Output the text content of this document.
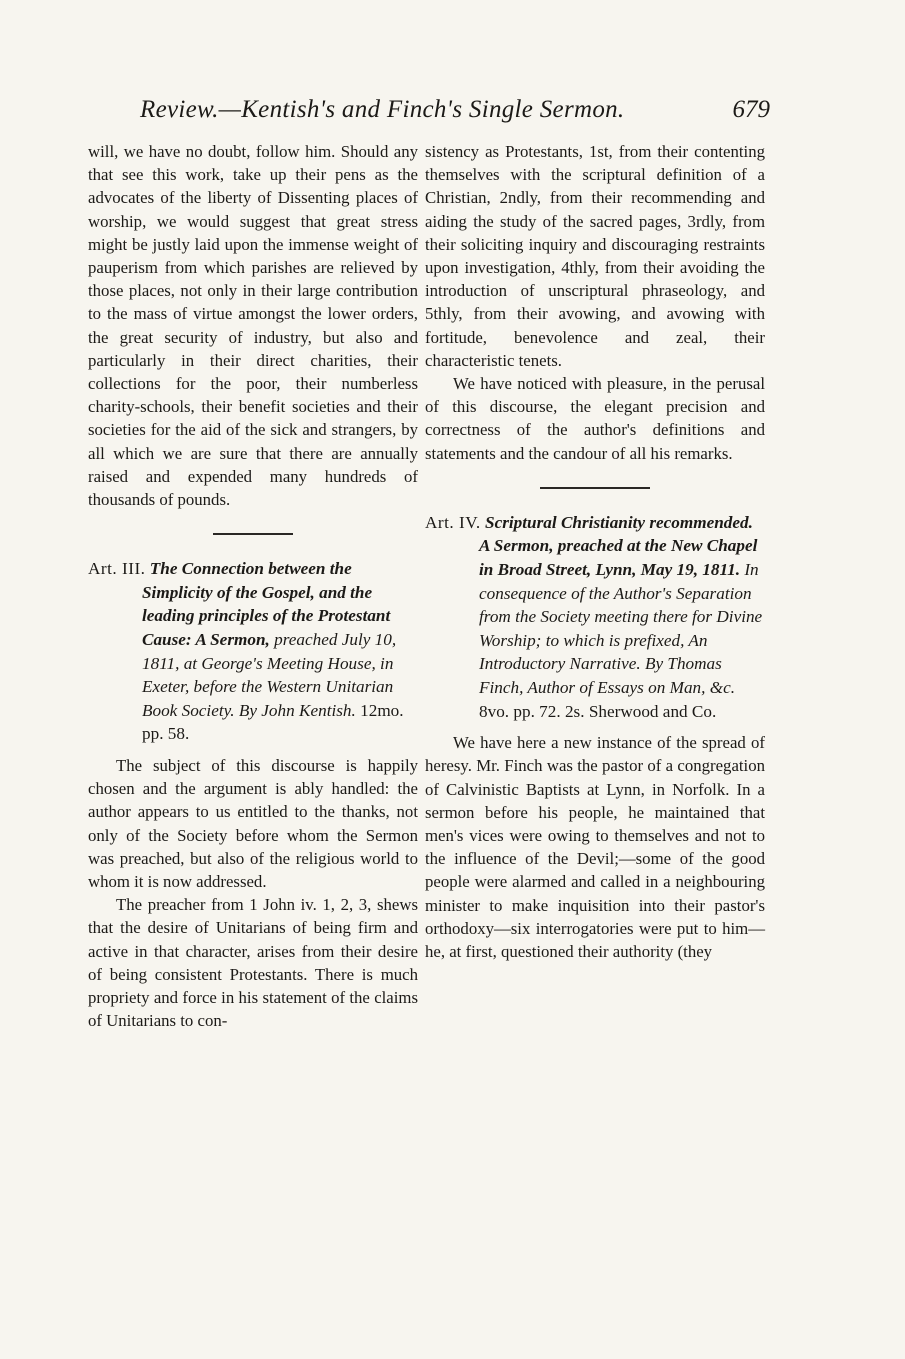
Review.—Kentish's and Finch's Single Sermon.	679

will, we have no doubt, follow him. Should any that see this work, take up their pens as the advocates of the liberty of Dissenting places of worship, we would suggest that great stress might be justly laid upon the immense weight of pauperism from which parishes are relieved by those places, not only in their large contribution to the mass of virtue amongst the lower orders, the great security of industry, but also and particularly in their direct charities, their collections for the poor, their numberless charity-schools, their benefit societies and their societies for the aid of the sick and strangers, by all which we are sure that there are annually raised and expended many hundreds of thousands of pounds.

Art. III. The Connection between the Simplicity of the Gospel, and the leading principles of the Protestant Cause: A Sermon, preached July 10, 1811, at George's Meeting House, in Exeter, before the Western Unitarian Book Society. By John Kentish. 12mo. pp. 58.

The subject of this discourse is happily chosen and the argument is ably handled: the author appears to us entitled to the thanks, not only of the Society before whom the Sermon was preached, but also of the religious world to whom it is now addressed.

The preacher from 1 John iv. 1, 2, 3, shews that the desire of Unitarians of being firm and active in that character, arises from their desire of being consistent Protestants. There is much propriety and force in his statement of the claims of Unitarians to con-

sistency as Protestants, 1st, from their contenting themselves with the scriptural definition of a Christian, 2ndly, from their recommending and aiding the study of the sacred pages, 3rdly, from their soliciting inquiry and discouraging restraints upon investigation, 4thly, from their avoiding the introduction of unscriptural phraseology, and 5thly, from their avowing, and avowing with fortitude, benevolence and zeal, their characteristic tenets.

We have noticed with pleasure, in the perusal of this discourse, the elegant precision and correctness of the author's definitions and statements and the candour of all his remarks.

Art. IV. Scriptural Christianity recommended. A Sermon, preached at the New Chapel in Broad Street, Lynn, May 19, 1811. In consequence of the Author's Separation from the Society meeting there for Divine Worship; to which is prefixed, An Introductory Narrative. By Thomas Finch, Author of Essays on Man, &c. 8vo. pp. 72. 2s. Sherwood and Co.

We have here a new instance of the spread of heresy. Mr. Finch was the pastor of a congregation of Calvinistic Baptists at Lynn, in Norfolk. In a sermon before his people, he maintained that men's vices were owing to themselves and not to the influence of the Devil;—some of the good people were alarmed and called in a neighbouring minister to make inquisition into their pastor's orthodoxy—six interrogatories were put to him—he, at first, questioned their authority (they
